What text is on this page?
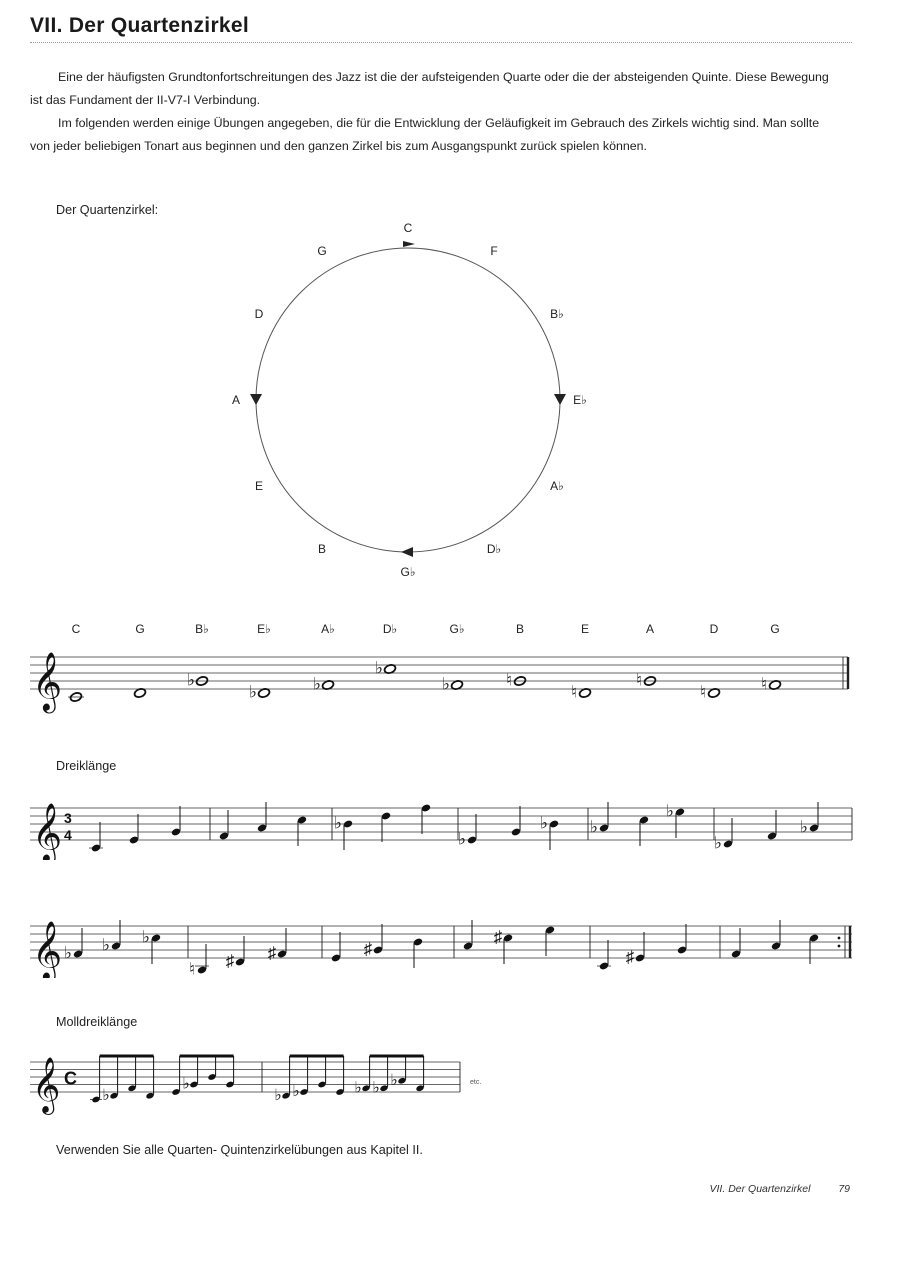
VII. Der Quartenzirkel

Eine der häufigsten Grundtonfortschreitungen des Jazz ist die der aufsteigenden Quarte oder die der absteigenden Quinte. Diese Bewegung ist das Fundament der II-V7-I Verbindung.

Im folgenden werden einige Übungen angegeben, die für die Entwicklung der Geläufigkeit im Gebrauch des Zirkels wichtig sind. Man sollte von jeder beliebigen Tonart aus beginnen und den ganzen Zirkel bis zum Ausgangspunkt zurück spielen können.

Der Quartenzirkel:
C
F
B♭
E♭
A♭
D♭
G♭
B
E
A
D
G
𝄞
C	G	B♭
♭
E♭
♭
A♭
♭
D♭
♭
G♭
♭
B
♮
E
♮
A
♮
D
♮
G
♮
Dreiklänge
𝄞 3
4
♭
♭
♭	♭
♭
♭
♭
𝄞 ♭ ♭ ♭
♮ ♯ ♯	♯
♯
♯
Molldreiklänge
𝄞 C
♭
♭
♭ ♭	♭ ♭ ♭	etc.
Verwenden Sie alle Quarten- Quintenzirkelübungen aus Kapitel II.
VII. Der Quartenzirkel	79
